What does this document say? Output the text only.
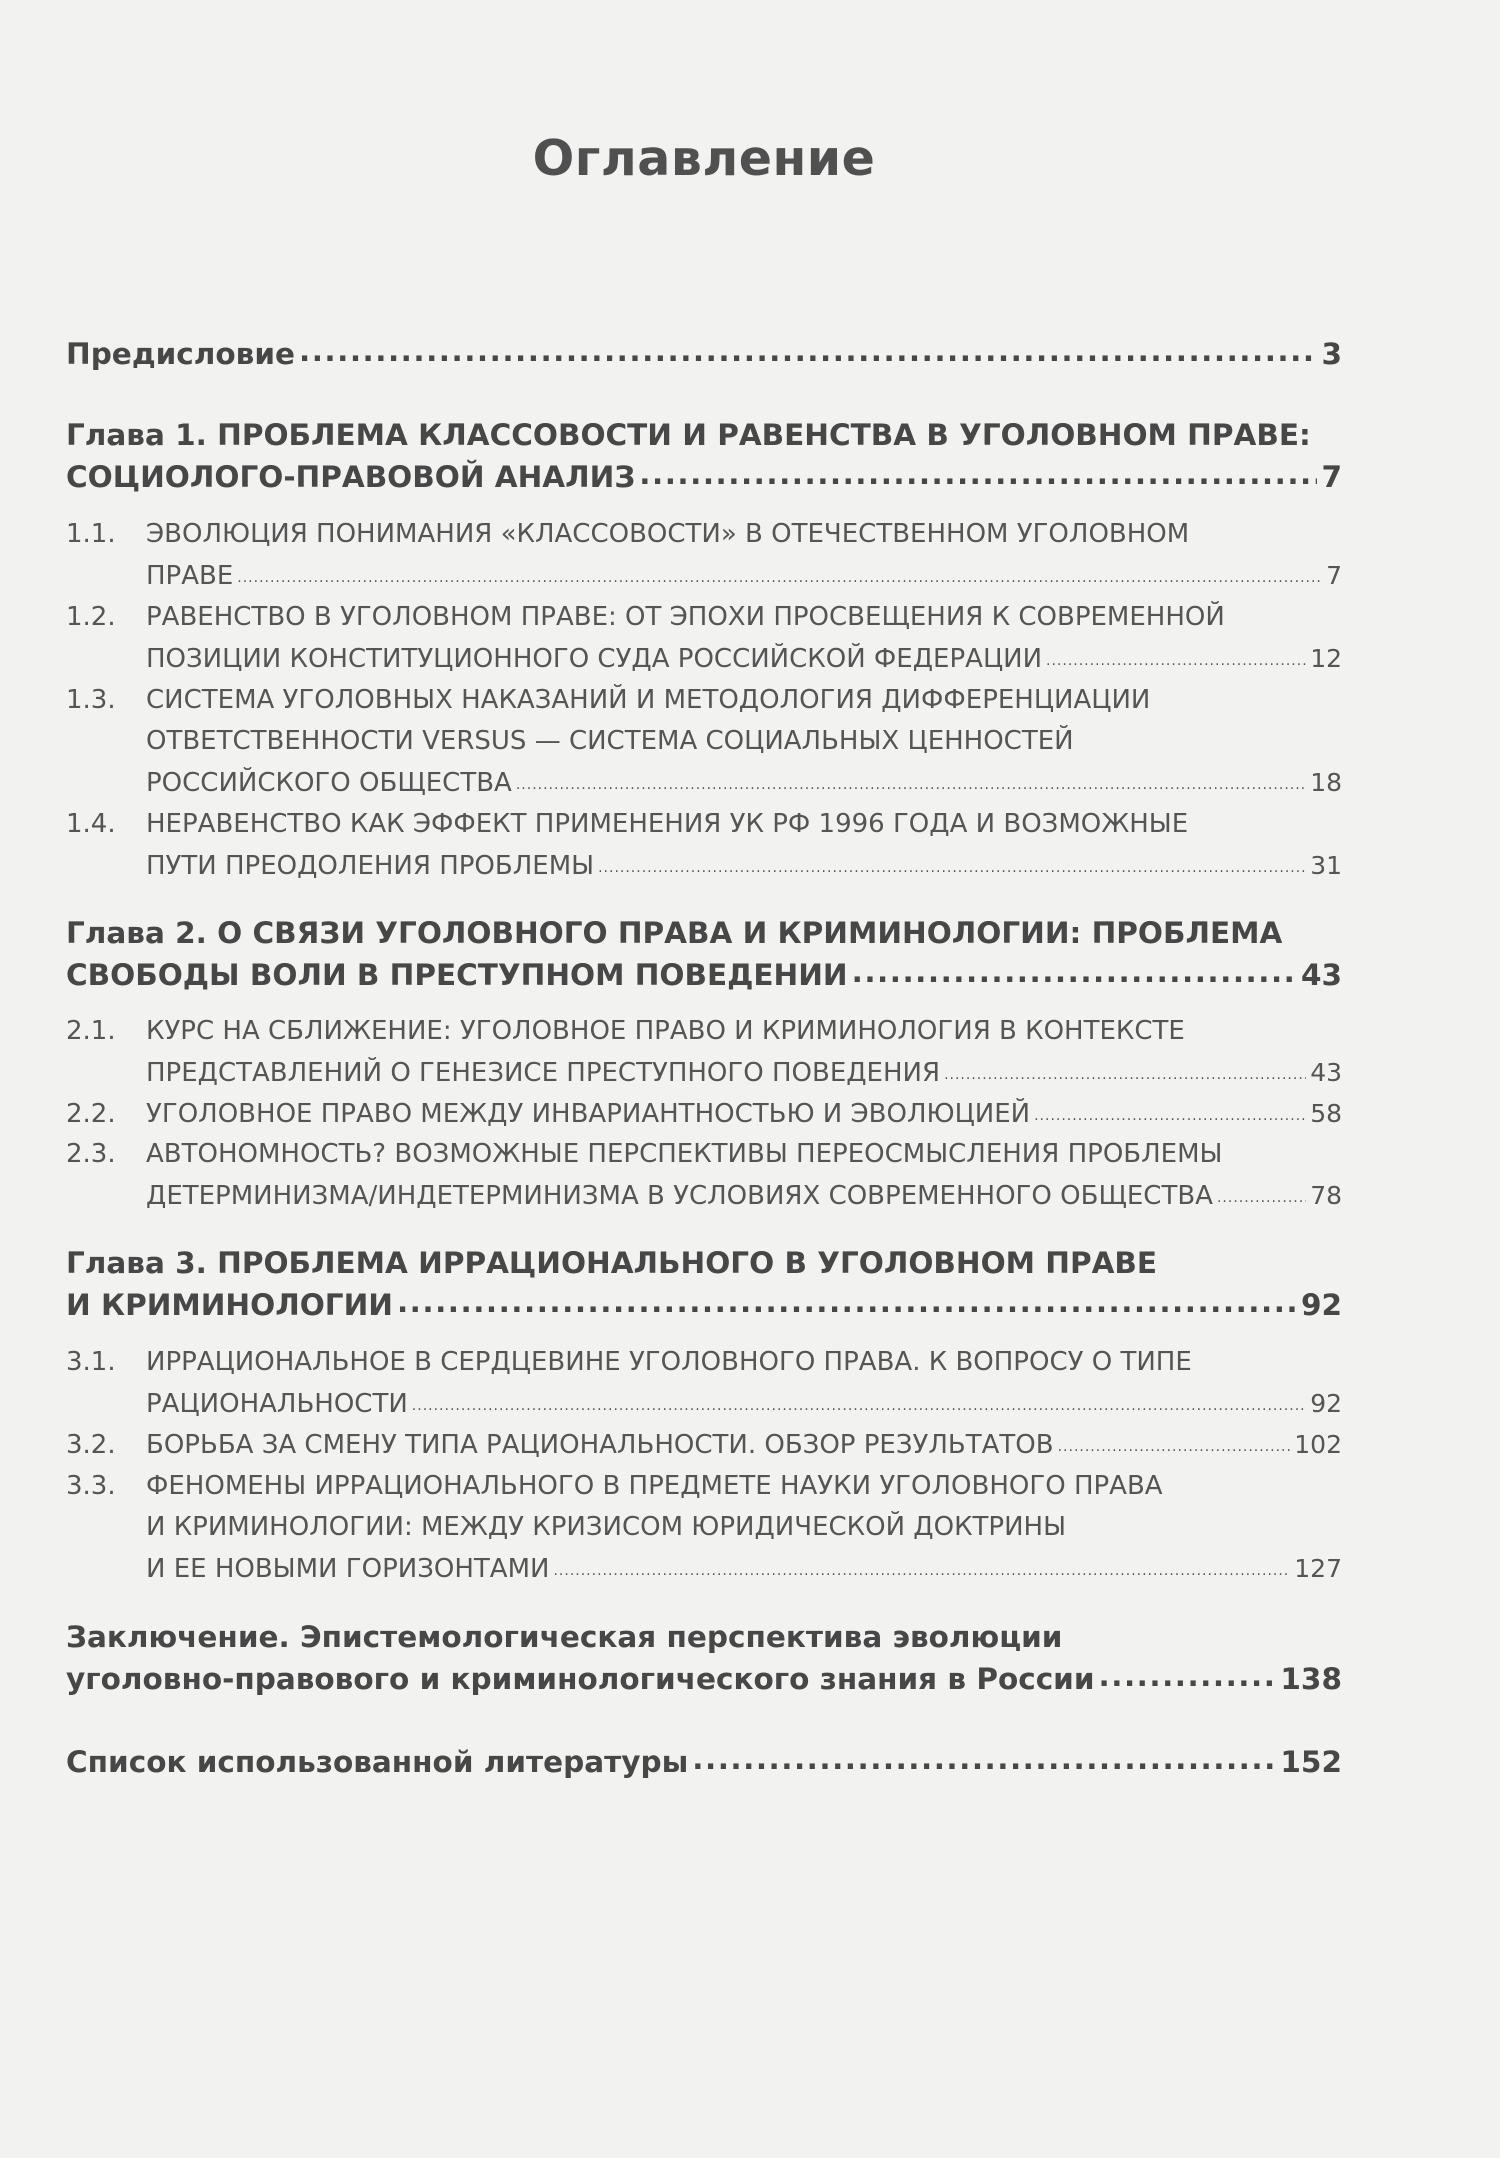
Оглавление
Предисловие .....	3
Глава 1. ПРОБЛЕМА КЛАССОВОСТИ И РАВЕНСТВА В УГОЛОВНОМ ПРАВЕ:
СОЦИОЛОГО-ПРАВОВОЙ АНАЛИЗ .....	7
1.1.	ЭВОЛЮЦИЯ ПОНИМАНИЯ «КЛАССОВОСТИ» В ОТЕЧЕСТВЕННОМ УГОЛОВНОМ
ПРАВЕ .....	7
1.2.	РАВЕНСТВО В УГОЛОВНОМ ПРАВЕ: ОТ ЭПОХИ ПРОСВЕЩЕНИЯ К СОВРЕМЕННОЙ
ПОЗИЦИИ КОНСТИТУЦИОННОГО СУДА РОССИЙСКОЙ ФЕДЕРАЦИИ .....	12
1.3.	СИСТЕМА УГОЛОВНЫХ НАКАЗАНИЙ И МЕТОДОЛОГИЯ ДИФФЕРЕНЦИАЦИИ
ОТВЕТСТВЕННОСТИ VERSUS — СИСТЕМА СОЦИАЛЬНЫХ ЦЕННОСТЕЙ
РОССИЙСКОГО ОБЩЕСТВА .....	18
1.4.	НЕРАВЕНСТВО КАК ЭФФЕКТ ПРИМЕНЕНИЯ УК РФ 1996 ГОДА И ВОЗМОЖНЫЕ
ПУТИ ПРЕОДОЛЕНИЯ ПРОБЛЕМЫ .....	31
Глава 2. О СВЯЗИ УГОЛОВНОГО ПРАВА И КРИМИНОЛОГИИ: ПРОБЛЕМА
СВОБОДЫ ВОЛИ В ПРЕСТУПНОМ ПОВЕДЕНИИ .....	43
2.1.	КУРС НА СБЛИЖЕНИЕ: УГОЛОВНОЕ ПРАВО И КРИМИНОЛОГИЯ В КОНТЕКСТЕ
ПРЕДСТАВЛЕНИЙ О ГЕНЕЗИСЕ ПРЕСТУПНОГО ПОВЕДЕНИЯ .....	43
2.2.	УГОЛОВНОЕ ПРАВО МЕЖДУ ИНВАРИАНТНОСТЬЮ И ЭВОЛЮЦИЕЙ .....	58
2.3.	АВТОНОМНОСТЬ? ВОЗМОЖНЫЕ ПЕРСПЕКТИВЫ ПЕРЕОСМЫСЛЕНИЯ ПРОБЛЕМЫ
ДЕТЕРМИНИЗМА/ИНДЕТЕРМИНИЗМА В УСЛОВИЯХ СОВРЕМЕННОГО ОБЩЕСТВА .....	78
Глава 3. ПРОБЛЕМА ИРРАЦИОНАЛЬНОГО В УГОЛОВНОМ ПРАВЕ
И КРИМИНОЛОГИИ .....	92
3.1.	ИРРАЦИОНАЛЬНОЕ В СЕРДЦЕВИНЕ УГОЛОВНОГО ПРАВА. К ВОПРОСУ О ТИПЕ
РАЦИОНАЛЬНОСТИ .....	92
3.2.	БОРЬБА ЗА СМЕНУ ТИПА РАЦИОНАЛЬНОСТИ. ОБЗОР РЕЗУЛЬТАТОВ .....	102
3.3.	ФЕНОМЕНЫ ИРРАЦИОНАЛЬНОГО В ПРЕДМЕТЕ НАУКИ УГОЛОВНОГО ПРАВА
И КРИМИНОЛОГИИ: МЕЖДУ КРИЗИСОМ ЮРИДИЧЕСКОЙ ДОКТРИНЫ
И ЕЕ НОВЫМИ ГОРИЗОНТАМИ .....	127
Заключение. Эпистемологическая перспектива эволюции
уголовно-правового и криминологического знания в России .....	138
Список использованной литературы .....	152
